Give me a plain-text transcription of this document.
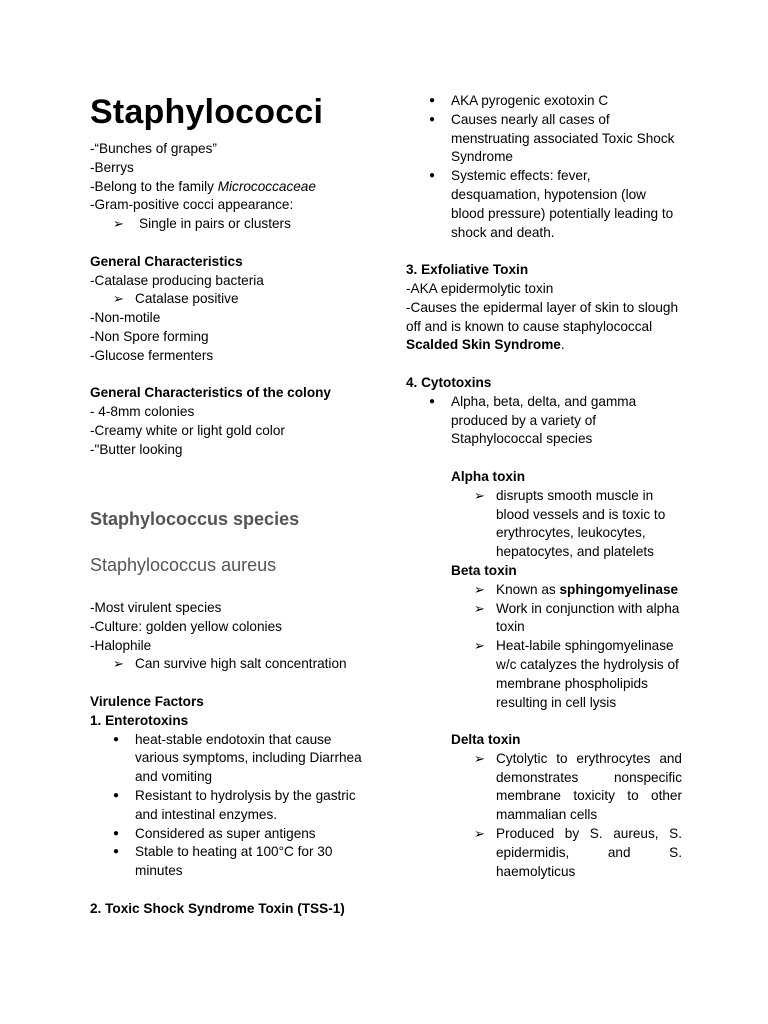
Staphylococci

-“Bunches of grapes”

-Berrys

-Belong to the family Micrococcaceae

-Gram-positive cocci appearance:

➢ Single in pairs or clusters

General Characteristics

-Catalase producing bacteria

➢ Catalase positive

-Non-motile

-Non Spore forming

-Glucose fermenters

General Characteristics of the colony

- 4-8mm colonies

-Creamy white or light gold color

-"Butter looking

Staphylococcus species

Staphylococcus aureus

-Most virulent species

-Culture: golden yellow colonies

-Halophile

➢ Can survive high salt concentration

Virulence Factors

1. Enterotoxins

● heat-stable endotoxin that cause various symptoms, including Diarrhea and vomiting
● Resistant to hydrolysis by the gastric and intestinal enzymes.
● Considered as super antigens
● Stable to heating at 100°C for 30 minutes

2. Toxic Shock Syndrome Toxin (TSS-1)

● AKA pyrogenic exotoxin C
● Causes nearly all cases of menstruating associated Toxic Shock Syndrome
● Systemic effects: fever, desquamation, hypotension (low blood pressure) potentially leading to shock and death.

3. Exfoliative Toxin

-AKA epidermolytic toxin

-Causes the epidermal layer of skin to slough off and is known to cause staphylococcal Scalded Skin Syndrome.

4. Cytotoxins

● Alpha, beta, delta, and gamma produced by a variety of Staphylococcal species

Alpha toxin

➢ disrupts smooth muscle in blood vessels and is toxic to erythrocytes, leukocytes, hepatocytes, and platelets

Beta toxin

➢ Known as sphingomyelinase
➢ Work in conjunction with alpha toxin
➢ Heat-labile sphingomyelinase w/c catalyzes the hydrolysis of membrane phospholipids resulting in cell lysis

Delta toxin

➢ Cytolytic to erythrocytes and demonstrates nonspecific membrane toxicity to other mammalian cells
➢ Produced by S. aureus, S. epidermidis, and S. haemolyticus
